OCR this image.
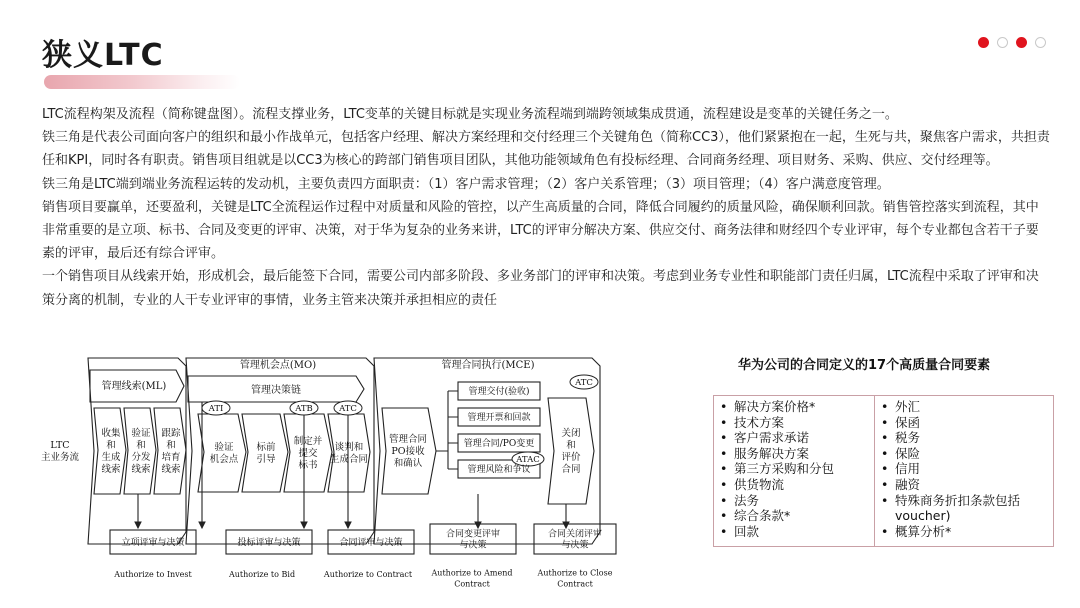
狭义LTC

LTC流程构架及流程（简称键盘图）。流程支撑业务，LTC变革的关键目标就是实现业务流程端到端跨领域集成贯通，流程建设是变革的关键任务之一。

铁三角是代表公司面向客户的组织和最小作战单元，包括客户经理、解决方案经理和交付经理三个关键角色（简称CC3），他们紧紧抱在一起，生死与共，聚焦客户需求，共担责任和KPI，同时各有职责。销售项目组就是以CC3为核心的跨部门销售项目团队，其他功能领域角色有投标经理、合同商务经理、项目财务、采购、供应、交付经理等。

铁三角是LTC端到端业务流程运转的发动机，主要负责四方面职责：（1）客户需求管理；（2）客户关系管理；（3）项目管理；（4）客户满意度管理。

销售项目要赢单，还要盈利，关键是LTC全流程运作过程中对质量和风险的管控，以产生高质量的合同，降低合同履约的质量风险，确保顺利回款。销售管控落实到流程，其中非常重要的是立项、标书、合同及变更的评审、决策，对于华为复杂的业务来讲，LTC的评审分解决方案、供应交付、商务法律和财经四个专业评审，每个专业都包含若干子要素的评审，最后还有综合评审。

一个销售项目从线索开始，形成机会，最后能签下合同，需要公司内部多阶段、多业务部门的评审和决策。考虑到业务专业性和职能部门责任归属，LTC流程中采取了评审和决策分离的机制，专业的人干专业评审的事情，业务主管来决策并承担相应的责任

ATI	ATB	ATC
ATC
ATAC
管理线索(ML)
管理机会点(MO)	管理合同执行(MCE)
管理决策链
LTC 主业务流
收集和生成线索
验证和分发线索
跟踪和培育线索
验证机会点
标前引导
制定并提交标书
谈判和生成合同
管理合同 PO接收和确认
管理交付(验收)
管理开票和回款
管理合同/PO变更
管理风险和争议
关闭和评价合同
立项评审与决策	投标评审与决策	合同评审与决策
合同变更评审与决策
合同关闭评审与决策
Authorize to Invest	Authorize to Bid	Authorize to Contract Authorize to Amend Contract
Authorize to Close Contract
华为公司的合同定义的17个高质量合同要素
• 解决方案价格*
• 技术方案
• 客户需求承诺
• 服务解决方案
• 第三方采购和分包
• 供货物流
• 法务
• 综合条款*
• 回款
• 外汇
• 保函
• 税务
• 保险
• 信用
• 融资
• 特殊商务折扣条款包括voucher)
• 概算分析*
